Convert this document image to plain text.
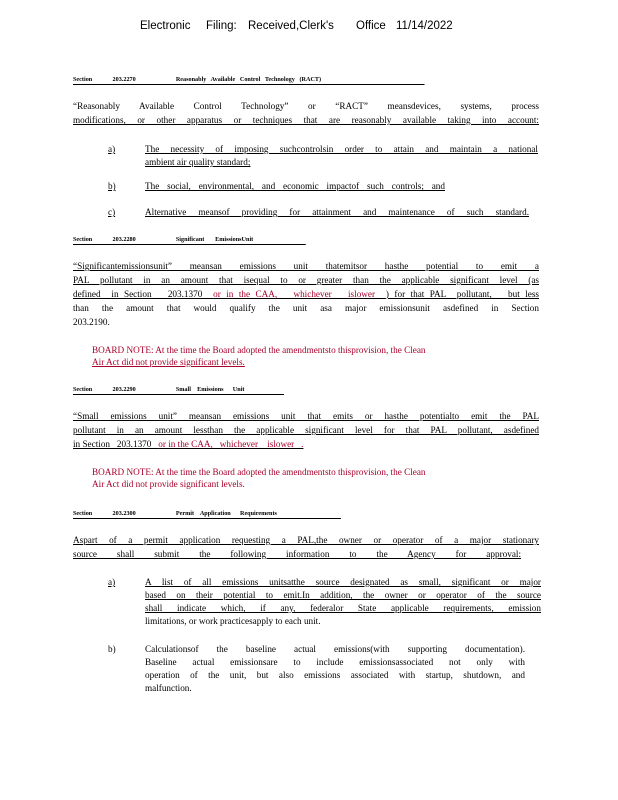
Electronic	Filing: Received,Clerk's	Office 11/14/2022
Section	203.2270	Reasonably   Available   Control   Technology   (RACT)
“Reasonably Available Control Technology” or “RACT” meansdevices, systems, process
modifications, or other apparatus or techniques that are reasonably available taking into account:
a)	The necessity of imposing suchcontrolsin order to attain and maintain a national
ambient air quality standard;
b)	The social, environmental, and economic impactof such controls; and
c)	Alternative meansof providing for attainment and maintenance of such standard.
Section	203.2280	Significant       EmissionsUnit
“Significantemissionsunit” meansan emissions unit thatemitsor hasthe potential to emit a
PAL pollutant in an amount that isequal to or greater than the applicable significant level (as
defined  in Section   203.1370  or in the CAA,   whichever   islower  ) for that PAL  pollutant,   but less
than the amount that would qualify the unit asa major emissionsunit asdefined in Section
203.2190.
BOARD NOTE: At the time the Board adopted the amendmentsto thisprovision, the Clean
Air Act did not provide significant levels.
Section	203.2290	Small    Emissions      Unit
“Small emissions unit” meansan emissions unit that emits or hasthe potentialto emit the PAL
pollutant in an amount lessthan the applicable significant level for that PAL pollutant, asdefined
in Section   203.1370   or in the CAA,   whichever    islower   .
BOARD NOTE: At the time the Board adopted the amendmentsto thisprovision, the Clean
Air Act did not provide significant levels.
Section	203.2300	Permit    Application      Requirements
Aspart of a permit application requesting a PAL,the owner or operator of a major stationary
source shall submit the following information to the Agency for approval:
a)	A list of all emissions unitsatthe source designated as small, significant or major
based on their potential to emit.In addition, the owner or operator of the source
shall indicate which, if any, federalor State applicable requirements, emission
limitations, or work practicesapply to each unit.
b)	Calculationsof the baseline actual emissions(with supporting documentation).
Baseline actual emissionsare to include emissionsassociated not only with
operation of the unit, but also emissions associated with startup, shutdown, and
malfunction.
